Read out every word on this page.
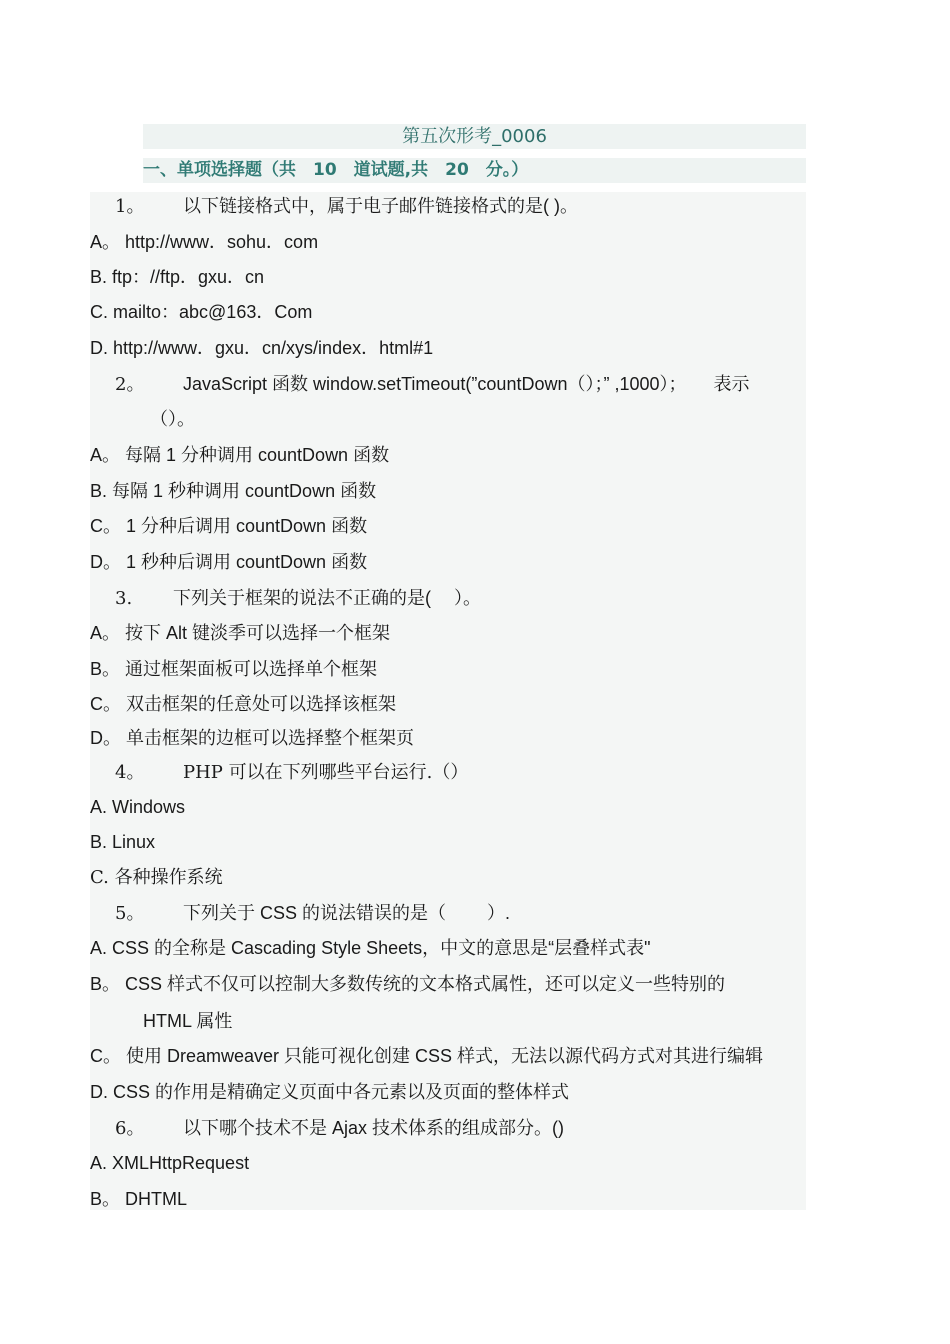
第五次形考_0006
一、单项选择题（共　10　道试题,共　20　分。）
1。 以下链接格式中，属于电子邮件链接格式的是( )。
A。 http://www．sohu．com
B. ftp：//ftp．gxu．cn
C. mailto：abc@163．Com
D. http://www．gxu．cn/xys/index．html#1
2。 JavaScript 函数 window.setTimeout(”countDown（）；” ,1000）；　　表示
（）。
A。 每隔 1 分种调用 countDown 函数
B. 每隔 1 秒种调用 countDown 函数
C。 1 分种后调用 countDown 函数
D。 1 秒种后调用 countDown 函数
3. 下列关于框架的说法不正确的是(　 ）。
A。 按下 Alt 键淡季可以选择一个框架
B。 通过框架面板可以选择单个框架
C。 双击框架的任意处可以选择该框架
D。 单击框架的边框可以选择整个框架页
4。 PHP 可以在下列哪些平台运行.（）
A. Windows
B. Linux
C. 各种操作系统
5。 下列关于 CSS 的说法错误的是（　　 ）.
A. CSS 的全称是 Cascading Style Sheets，中文的意思是“层叠样式表"
B。 CSS 样式不仅可以控制大多数传统的文本格式属性，还可以定义一些特别的
HTML 属性
C。 使用 Dreamweaver 只能可视化创建 CSS 样式，无法以源代码方式对其进行编辑
D. CSS 的作用是精确定义页面中各元素以及页面的整体样式
6。 以下哪个技术不是 Ajax 技术体系的组成部分。()
A. XMLHttpRequest
B。 DHTML
